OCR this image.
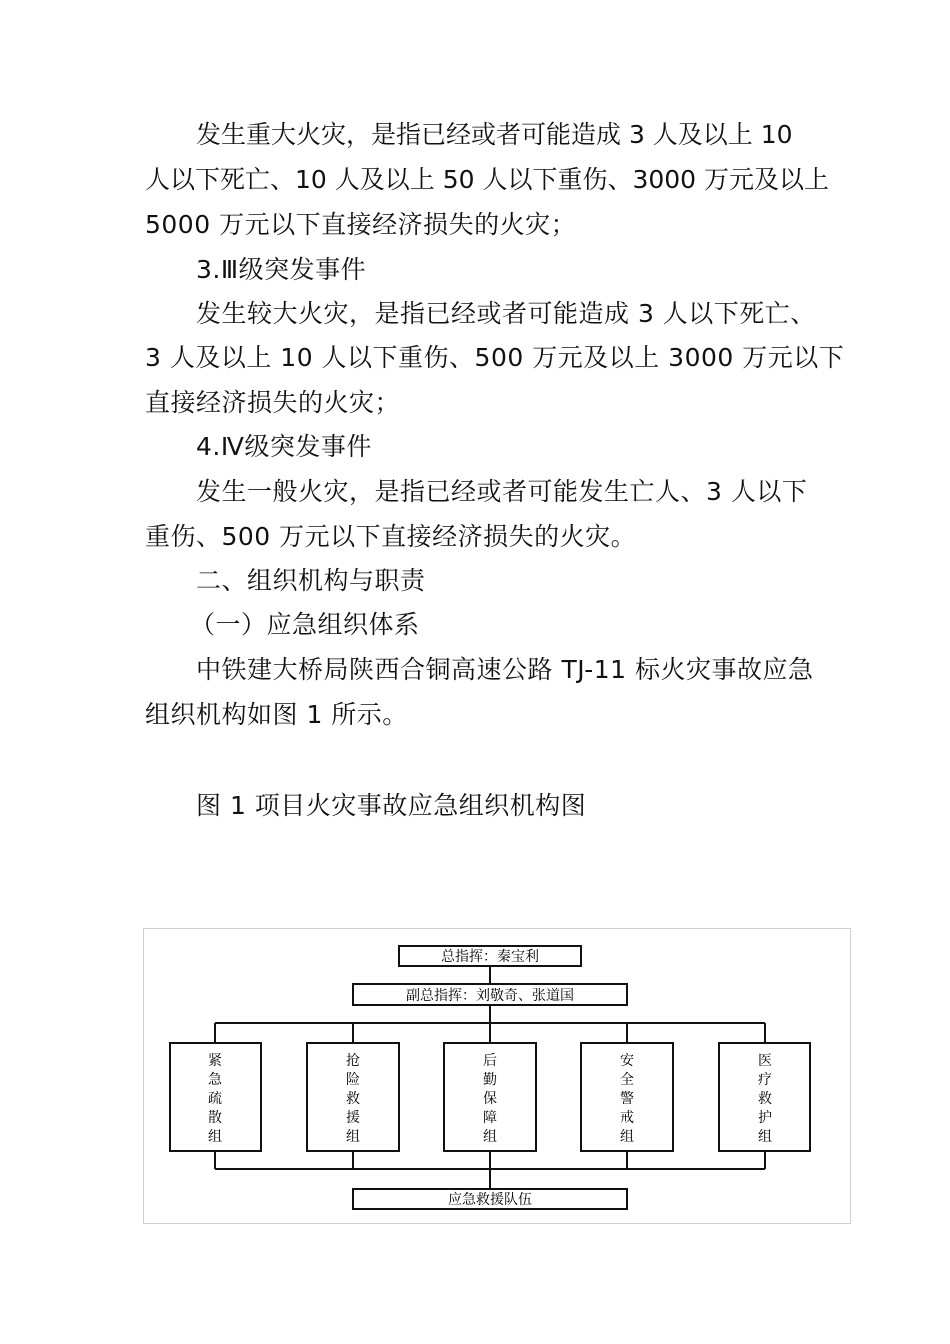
发生重大火灾，是指已经或者可能造成 3 人及以上 10
人以下死亡、10 人及以上 50 人以下重伤、3000 万元及以上
5000 万元以下直接经济损失的火灾；
3.Ⅲ级突发事件
发生较大火灾，是指已经或者可能造成 3 人以下死亡、
3 人及以上 10 人以下重伤、500 万元及以上 3000 万元以下
直接经济损失的火灾；
4.Ⅳ级突发事件
发生一般火灾，是指已经或者可能发生亡人、3 人以下
重伤、500 万元以下直接经济损失的火灾。
二、组织机构与职责
（一）应急组织体系
中铁建大桥局陕西合铜高速公路 TJ-11 标火灾事故应急
组织机构如图 1 所示。
图 1 项目火灾事故应急组织机构图
总指挥：秦宝利
副总指挥：刘敬奇、张道国
紧
急
疏
散
组
抢
险
救
援
组
后
勤
保
障
组
安
全
警
戒
组
医
疗
救
护
组
应急救援队伍
